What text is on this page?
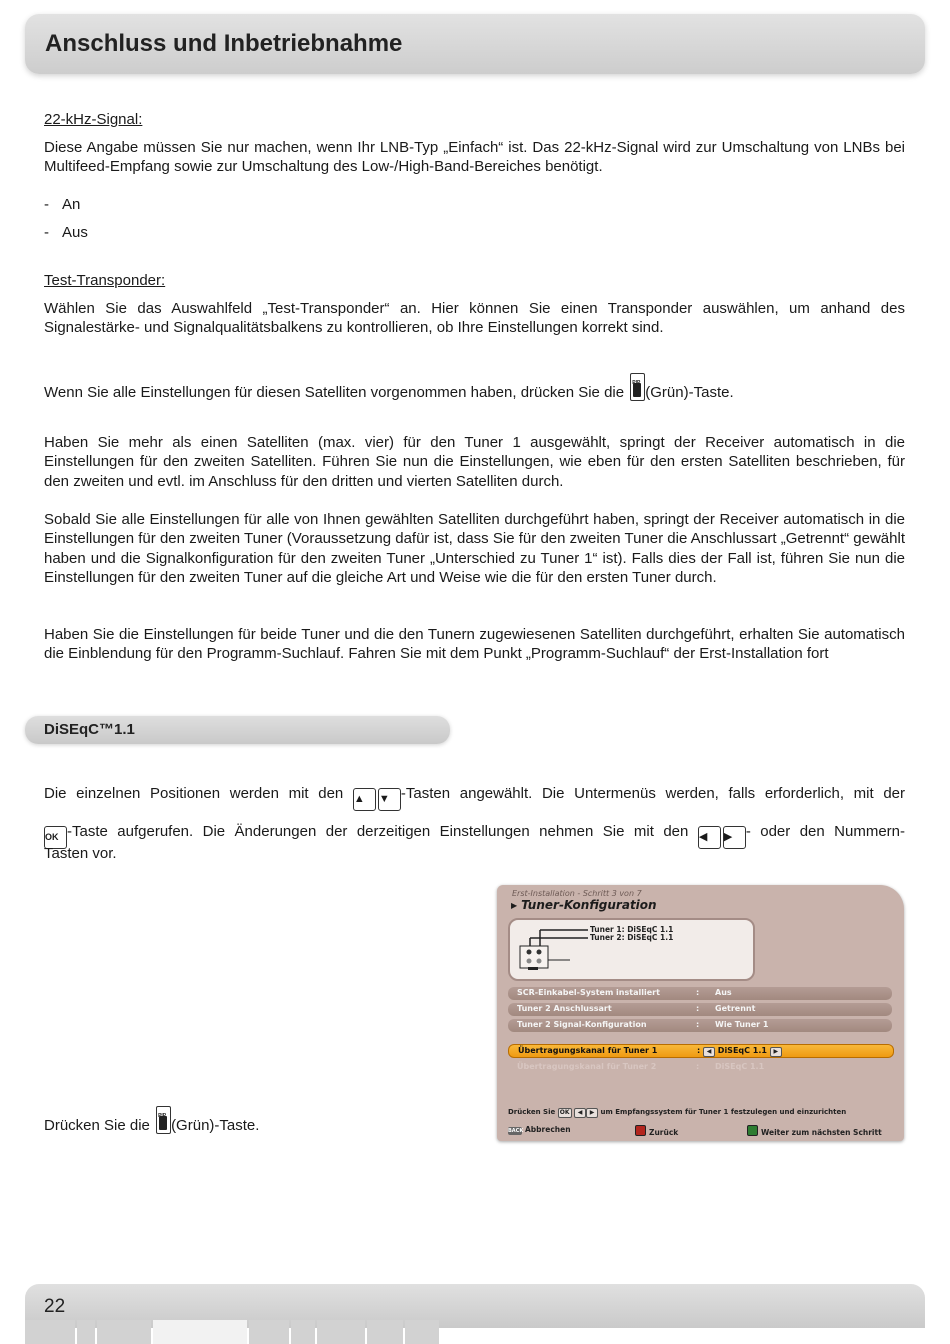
Anschluss und Inbetriebnahme
22-kHz-Signal:

Diese Angabe müssen Sie nur machen, wenn Ihr LNB-Typ „Einfach“ ist. Das 22-kHz-Signal wird zur Umschaltung von LNBs bei Multifeed-Empfang sowie zur Umschaltung des Low-/High-Band-Bereiches benötigt.

- An
- Aus
Test-Transponder:

Wählen Sie das Auswahlfeld „Test-Transponder“ an. Hier können Sie einen Transponder auswählen, um anhand des Signalestärke- und Signalqualitätsbalkens zu kontrollieren, ob Ihre Einstellungen korrekt sind.

Wenn Sie alle Einstellungen für diesen Satelliten vorgenommen haben, drücken Sie die PIP(Grün)-Taste.

Haben Sie mehr als einen Satelliten (max. vier) für den Tuner 1 ausgewählt, springt der Receiver automatisch in die Einstellungen für den zweiten Satelliten. Führen Sie nun die Einstellungen, wie eben für den ersten Satelliten beschrieben, für den zweiten und evtl. im Anschluss für den dritten und vierten Satelliten durch.

Sobald Sie alle Einstellungen für alle von Ihnen gewählten Satelliten durchgeführt haben, springt der Receiver automatisch in die Einstellungen für den zweiten Tuner (Voraussetzung dafür ist, dass Sie für den zweiten Tuner die Anschlussart „Getrennt“ gewählt haben und die Signalkonfiguration für den zweiten Tuner „Unterschied zu Tuner 1“ ist). Falls dies der Fall ist, führen Sie nun die Einstellungen für den zweiten Tuner auf die gleiche Art und Weise wie die für den ersten Tuner durch.

Haben Sie die Einstellungen für beide Tuner und die den Tunern zugewiesenen Satelliten durchgeführt, erhalten Sie automatisch die Einblendung für den Programm-Suchlauf. Fahren Sie mit dem Punkt „Programm-Suchlauf“ der Erst-Installation fort

DiSEqC™1.1

Die einzelnen Positionen werden mit den ▲ ▼ -Tasten angewählt. Die Untermenüs werden, falls erforderlich, mit der

OK -Taste aufgerufen. Die Änderungen der derzeitigen Einstellungen nehmen Sie mit den ◀ ▶ - oder den Nummern-

Tasten vor.
Drücken Sie die PIP(Grün)-Taste.
Erst-Installation - Schritt 3 von 7
▶ Tuner-Konfiguration
Tuner 1: DiSEqC 1.1
Tuner 2: DiSEqC 1.1
SCR-Einkabel-System installiert	: Aus
Tuner 2 Anschlussart	: Getrennt
Tuner 2 Signal-Konfiguration	: Wie Tuner 1
Übertragungskanal für Tuner 1	:	◀ DiSEqC 1.1 ▶
Übertragungskanal für Tuner 2	: DiSEqC 1.1
Drücken Sie OK ◀ ▶ um Empfangssystem für Tuner 1 festzulegen und einzurichten
BACK Abbrechen	Zurück	Weiter zum nächsten Schritt
22
